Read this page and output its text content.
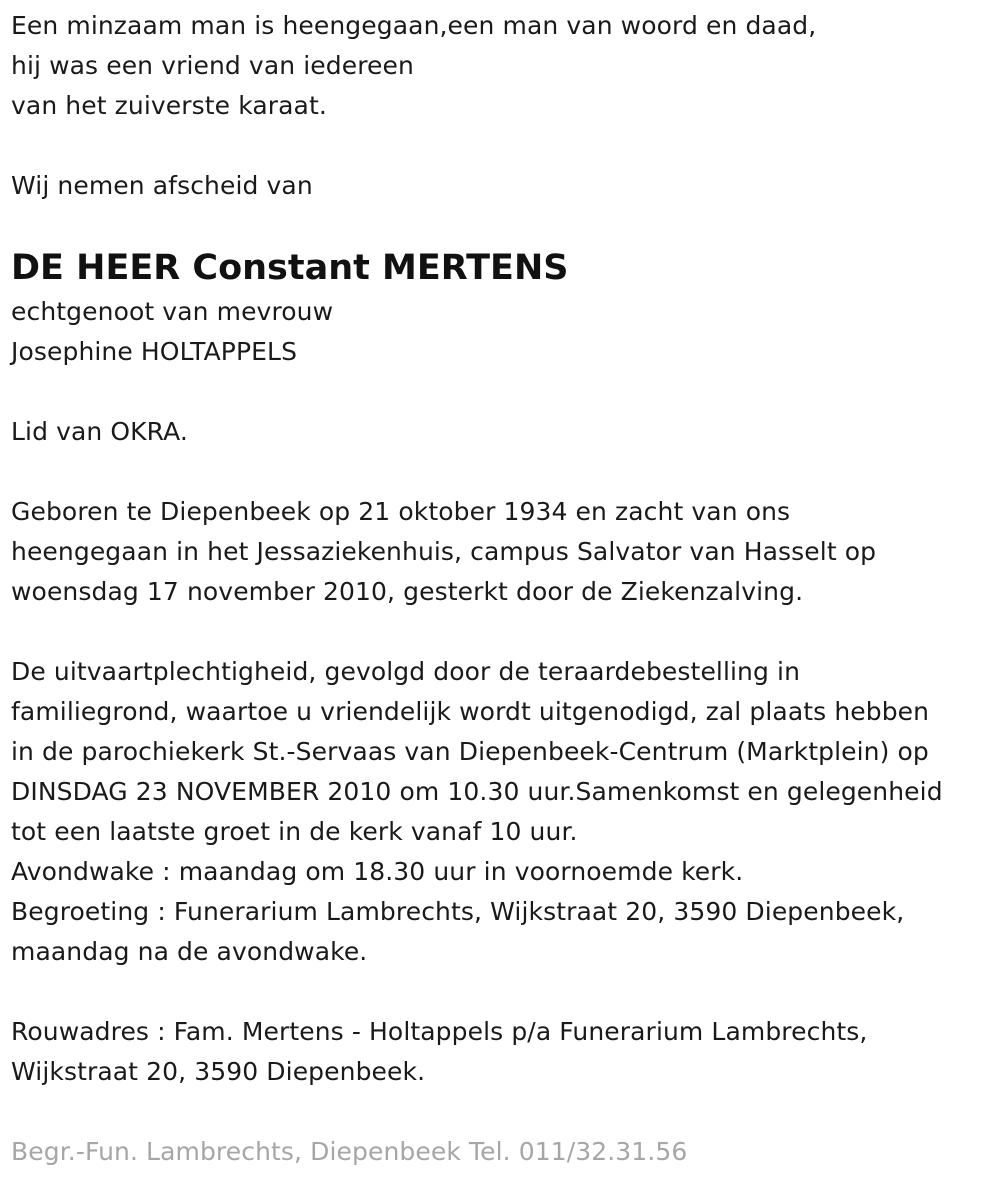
Een minzaam man is heengegaan,een man van woord en daad,
hij was een vriend van iedereen
van het zuiverste karaat.
Wij nemen afscheid van
DE HEER Constant MERTENS
echtgenoot van mevrouw
Josephine HOLTAPPELS
Lid van OKRA.
Geboren te Diepenbeek op 21 oktober 1934 en zacht van ons
heengegaan in het Jessaziekenhuis, campus Salvator van Hasselt op
woensdag 17 november 2010, gesterkt door de Ziekenzalving.
De uitvaartplechtigheid, gevolgd door de teraardebestelling in
familiegrond, waartoe u vriendelijk wordt uitgenodigd, zal plaats hebben
in de parochiekerk St.-Servaas van Diepenbeek-Centrum (Marktplein) op
DINSDAG 23 NOVEMBER 2010 om 10.30 uur.Samenkomst en gelegenheid
tot een laatste groet in de kerk vanaf 10 uur.
Avondwake : maandag om 18.30 uur in voornoemde kerk.
Begroeting : Funerarium Lambrechts, Wijkstraat 20, 3590 Diepenbeek,
maandag na de avondwake.
Rouwadres : Fam. Mertens - Holtappels p/a Funerarium Lambrechts,
Wijkstraat 20, 3590 Diepenbeek.
Begr.-Fun. Lambrechts, Diepenbeek Tel. 011/32.31.56
